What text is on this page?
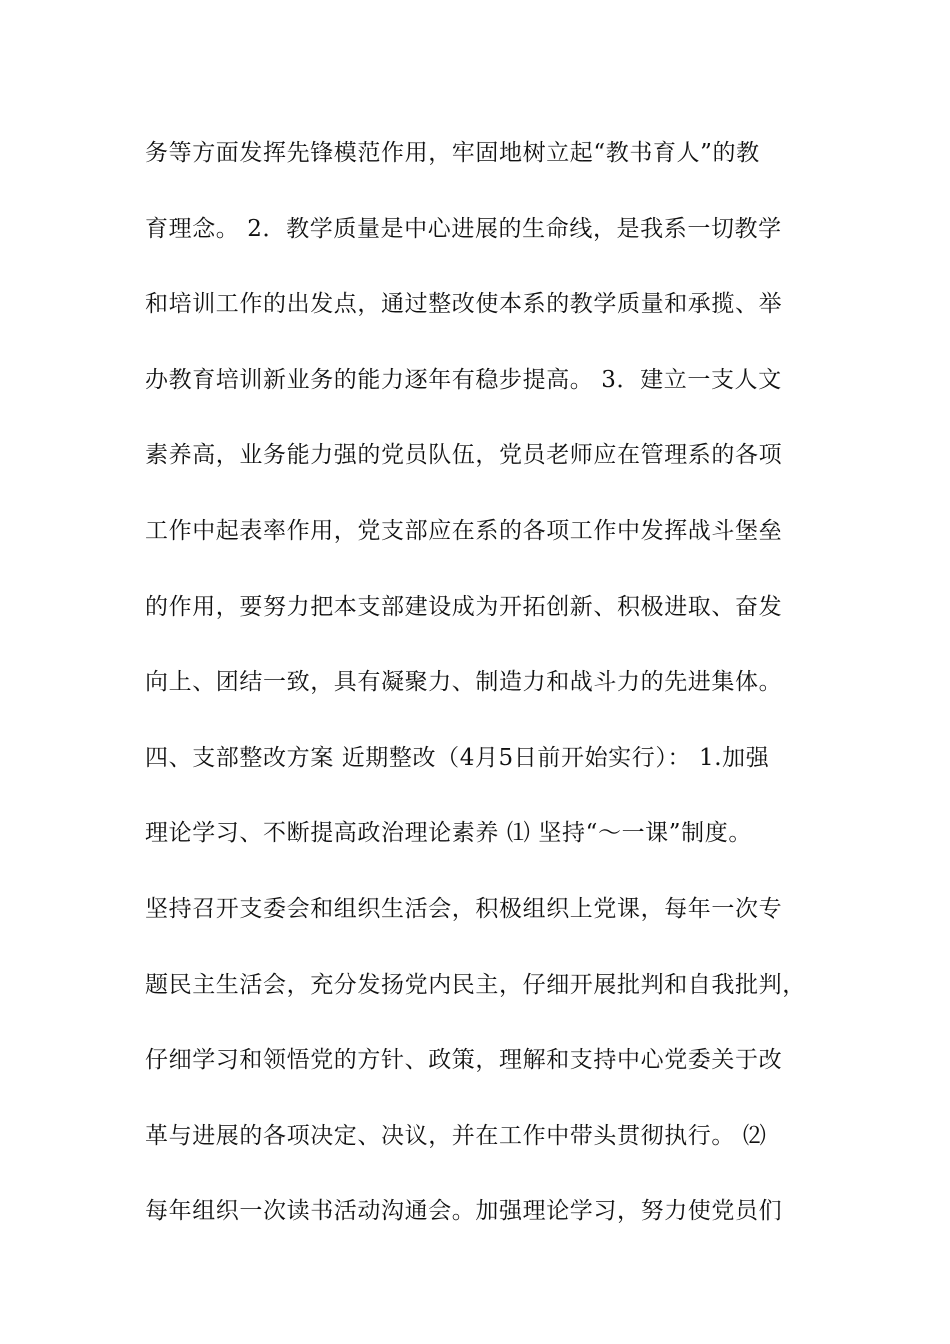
务等方面发挥先锋模范作用，牢固地树立起“教书育人”的教
育理念。 2．教学质量是中心进展的生命线，是我系一切教学
和培训工作的出发点，通过整改使本系的教学质量和承揽、举
办教育培训新业务的能力逐年有稳步提高。 3．建立一支人文
素养高，业务能力强的党员队伍，党员老师应在管理系的各项
工作中起表率作用，党支部应在系的各项工作中发挥战斗堡垒
的作用，要努力把本支部建设成为开拓创新、积极进取、奋发
向上、团结一致，具有凝聚力、制造力和战斗力的先进集体。
四、支部整改方案 近期整改（4月5日前开始实行）： 1.加强
理论学习、不断提高政治理论素养 ⑴ 坚持“～一课”制度。
坚持召开支委会和组织生活会，积极组织上党课，每年一次专
题民主生活会，充分发扬党内民主，仔细开展批判和自我批判，
仔细学习和领悟党的方针、政策，理解和支持中心党委关于改
革与进展的各项决定、决议，并在工作中带头贯彻执行。 ⑵
每年组织一次读书活动沟通会。加强理论学习，努力使党员们
